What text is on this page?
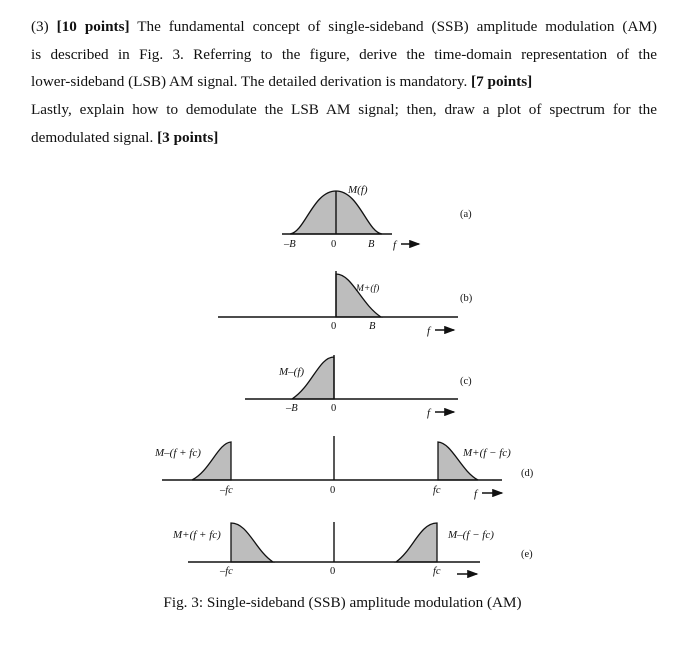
(3) [10 points] The fundamental concept of single-sideband (SSB) amplitude modulation (AM)
is described in Fig. 3. Referring to the figure, derive the time-domain representation of the
lower-sideband (LSB) AM signal. The detailed derivation is mandatory. [7 points]
Lastly, explain how to demodulate the LSB AM signal; then, draw a plot of spectrum for the
demodulated signal. [3 points]
M(f)
–B	0	B f
(a)
M+(f)
0	B	f
(b)
M–(f)
–B	0	f
(c)
M–(f + fc)	M+(f − fc)
–fc	0	fc	f
(d)
M+(f + fc)	M–(f − fc)
–fc	0	fc
(e)
Fig. 3: Single-sideband (SSB) amplitude modulation (AM)
